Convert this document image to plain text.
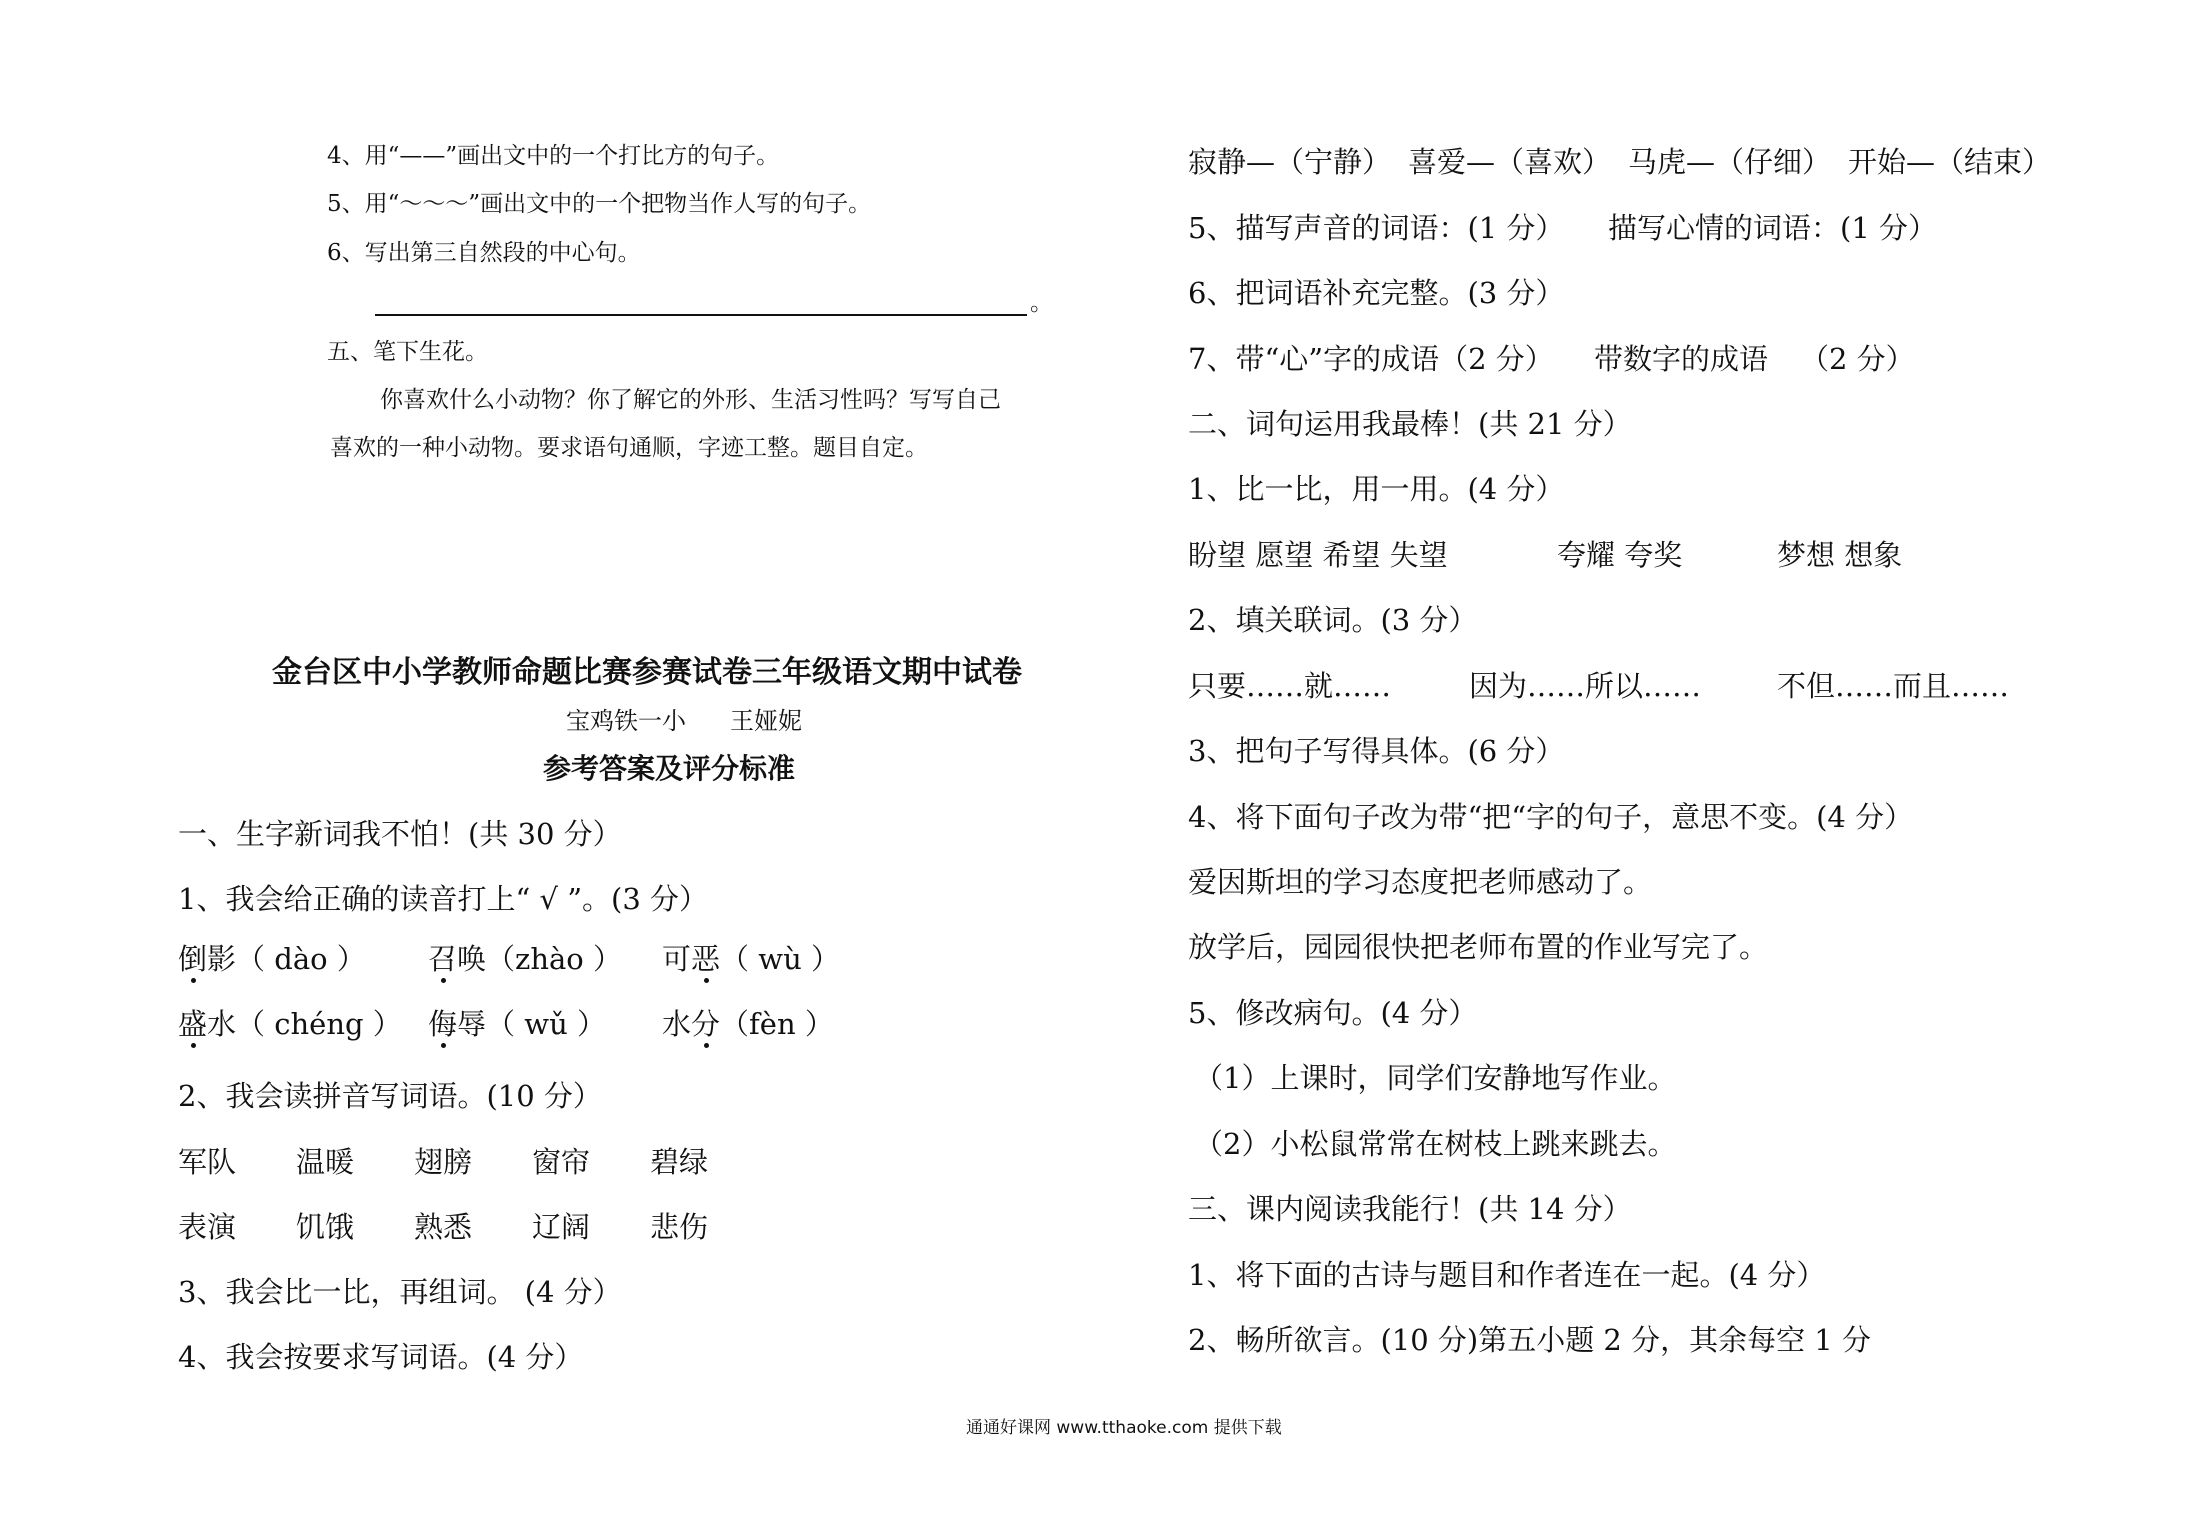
4、用“——”画出文中的一个打比方的句子。
5、用“～～～”画出文中的一个把物当作人写的句子。
6、写出第三自然段的中心句。
。
五、笔下生花。
你喜欢什么小动物？你了解它的外形、生活习性吗？写写自己
喜欢的一种小动物。要求语句通顺，字迹工整。题目自定。
金台区中小学教师命题比赛参赛试卷三年级语文期中试卷
宝鸡铁一小 王娅妮
参考答案及评分标准
一、生字新词我不怕！(共 30 分）
1、我会给正确的读音打上“ √ ”。(3 分）
倒影（ dào ） 召唤（zhào ） 可恶（ wù ）
盛水（ chéng ） 侮辱（ wǔ ） 水分（fèn ）
2、我会读拼音写词语。(10 分）
军队 温暖 翅膀 窗帘 碧绿
表演 饥饿 熟悉 辽阔 悲伤
3、我会比一比，再组词。 (4 分）
4、我会按要求写词语。(4 分）
寂静—（宁静） 喜爱—（喜欢） 马虎—（仔细） 开始—（结束）
5、描写声音的词语：(1 分） 描写心情的词语：(1 分）
6、把词语补充完整。(3 分）
7、带“心”字的成语（2 分） 带数字的成语 （2 分）
二、词句运用我最棒！(共 21 分）
1、比一比，用一用。(4 分）
盼望 愿望 希望 失望	夸耀 夸奖	梦想 想象
2、填关联词。(3 分）
只要……就……	因为……所以……	不但……而且……
3、把句子写得具体。(6 分）
4、将下面句子改为带“把“字的句子，意思不变。(4 分）
爱因斯坦的学习态度把老师感动了。
放学后，园园很快把老师布置的作业写完了。
5、修改病句。(4 分）
（1）上课时，同学们安静地写作业。
（2）小松鼠常常在树枝上跳来跳去。
三、课内阅读我能行！(共 14 分）
1、将下面的古诗与题目和作者连在一起。(4 分）
2、畅所欲言。(10 分)第五小题 2 分，其余每空 1 分
通通好课网 www.tthaoke.com 提供下载
